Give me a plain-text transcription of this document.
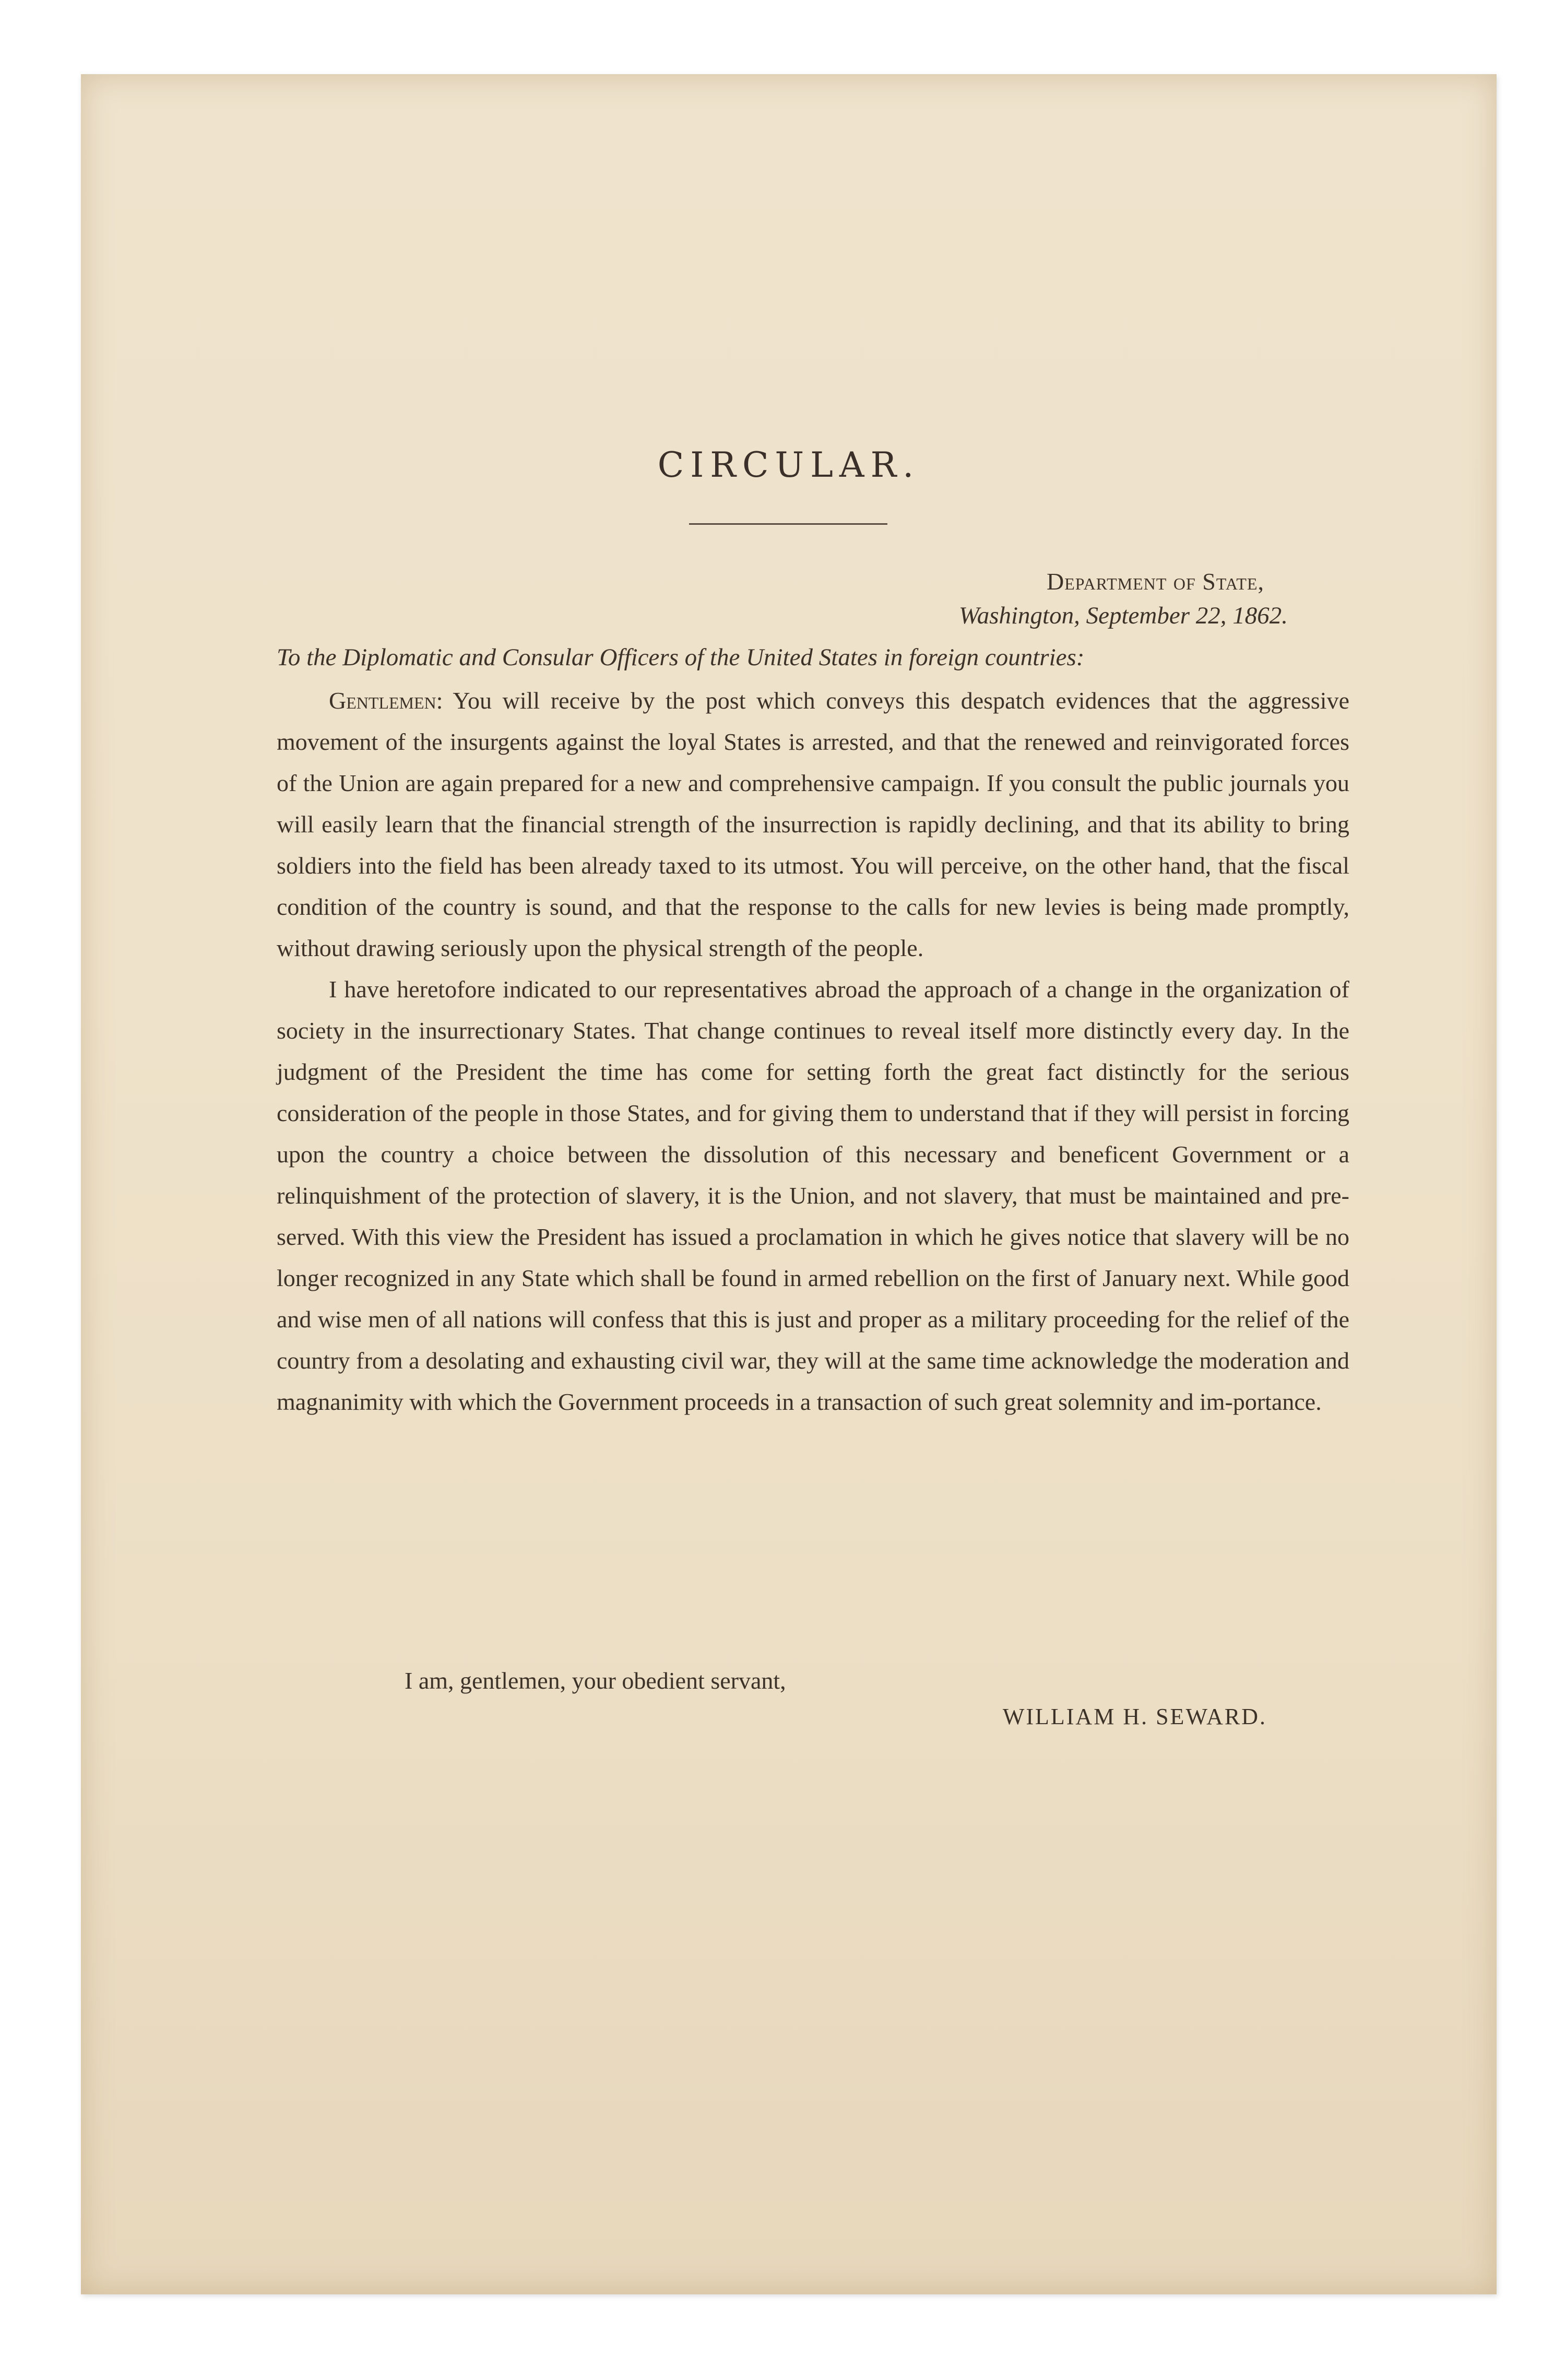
CIRCULAR.
Department of State,
Washington, September 22, 1862.
To the Diplomatic and Consular Officers of the United States in foreign countries:

Gentlemen: You will receive by the post which conveys this despatch evidences that the aggressive movement of the insurgents against the loyal States is arrested, and that the renewed and reinvigorated forces of the Union are again prepared for a new and comprehensive campaign. If you consult the public journals you will easily learn that the financial strength of the insurrection is rapidly declining, and that its ability to bring soldiers into the field has been already taxed to its utmost. You will perceive, on the other hand, that the fiscal condition of the country is sound, and that the response to the calls for new levies is being made promptly, without drawing seriously upon the physical strength of the people.

I have heretofore indicated to our representatives abroad the approach of a change in the organization of society in the insurrectionary States. That change continues to reveal itself more distinctly every day. In the judgment of the President the time has come for setting forth the great fact distinctly for the serious consideration of the people in those States, and for giving them to understand that if they will persist in forcing upon the country a choice between the dissolution of this necessary and beneficent Government or a relinquishment of the protection of slavery, it is the Union, and not slavery, that must be maintained and pre-served. With this view the President has issued a proclamation in which he gives notice that slavery will be no longer recognized in any State which shall be found in armed rebellion on the first of January next. While good and wise men of all nations will confess that this is just and proper as a military proceeding for the relief of the country from a desolating and exhausting civil war, they will at the same time acknowledge the moderation and magnanimity with which the Government proceeds in a transaction of such great solemnity and im-portance.

I am, gentlemen, your obedient servant,
WILLIAM H. SEWARD.
